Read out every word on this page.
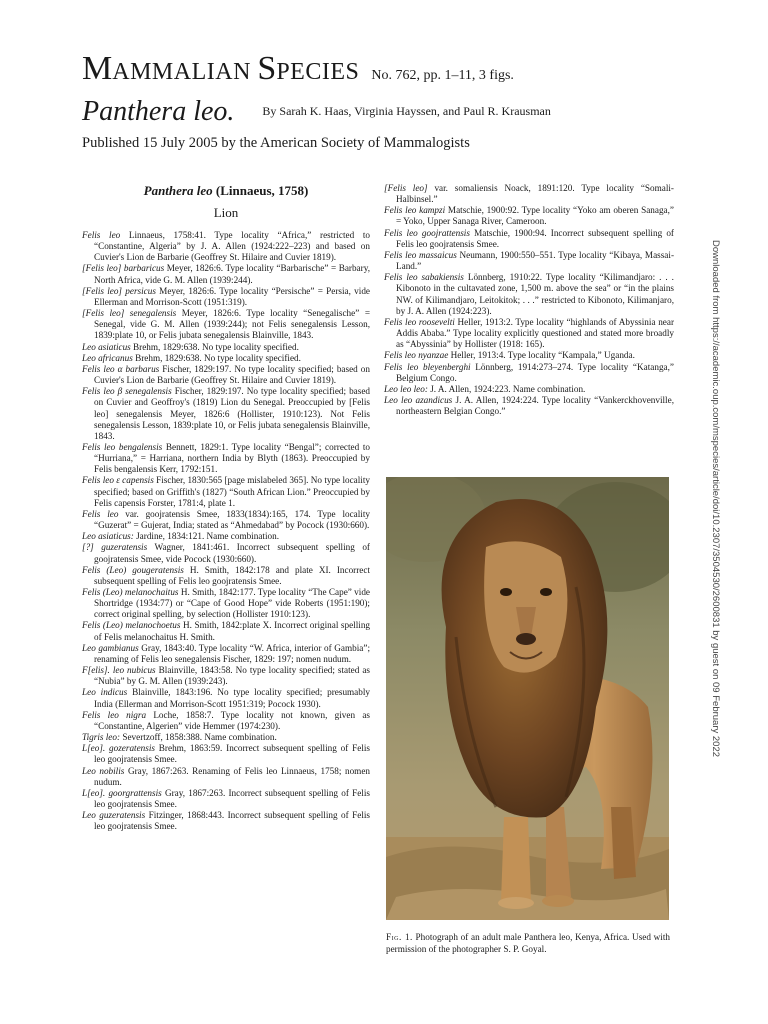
MAMMALIAN SPECIES No. 762, pp. 1–11, 3 figs.
Panthera leo. $^{By Sarah K. Haas, Virginia Hayssen, and Paul R. Krausman}$
Published 15 July 2005 by the American Society of Mammalogists
Panthera leo (Linnaeus, 1758)
Lion
Felis leo Linnaeus, 1758:41. Type locality “Africa,” restricted to “Constantine, Algeria” by J. A. Allen (1924:222–223) and based on Cuvier's Lion de Barbarie (Geoffrey St. Hilaire and Cuvier 1819).
[Felis leo] barbaricus Meyer, 1826:6. Type locality “Barbarische” = Barbary, North Africa, vide G. M. Allen (1939:244).
[Felis leo] persicus Meyer, 1826:6. Type locality “Persische” = Persia, vide Ellerman and Morrison-Scott (1951:319).
[Felis leo] senegalensis Meyer, 1826:6. Type locality “Senegalische” = Senegal, vide G. M. Allen (1939:244); not Felis senegalensis Lesson, 1839:plate 10, or Felis jubata senegalensis Blainville, 1843.
Leo asiaticus Brehm, 1829:638. No type locality specified.
Leo africanus Brehm, 1829:638. No type locality specified.
Felis leo α barbarus Fischer, 1829:197. No type locality specified; based on Cuvier's Lion de Barbarie (Geoffrey St. Hilaire and Cuvier 1819).
Felis leo β senegalensis Fischer, 1829:197. No type locality specified; based on Cuvier and Geoffroy's (1819) Lion du Senegal. Preoccupied by [Felis leo] senegalensis Meyer, 1826:6 (Hollister, 1910:123). Not Felis senegalensis Lesson, 1839:plate 10, or Felis jubata senegalensis Blainville, 1843.
Felis leo bengalensis Bennett, 1829:1. Type locality “Bengal”; corrected to “Hurriana,” = Harriana, northern India by Blyth (1863). Preoccupied by Felis bengalensis Kerr, 1792:151.
Felis leo ε capensis Fischer, 1830:565 [page mislabeled 365]. No type locality specified; based on Griffith's (1827) “South African Lion.” Preoccupied by Felis capensis Forster, 1781:4, plate 1.
Felis leo var. goojratensis Smee, 1833(1834):165, 174. Type locality “Guzerat” = Gujerat, India; stated as “Ahmedabad” by Pocock (1930:660).
Leo asiaticus: Jardine, 1834:121. Name combination.
[?] guzeratensis Wagner, 1841:461. Incorrect subsequent spelling of goojratensis Smee, vide Pocock (1930:660).
Felis (Leo) gougeratensis H. Smith, 1842:178 and plate XI. Incorrect subsequent spelling of Felis leo goojratensis Smee.
Felis (Leo) melanochaitus H. Smith, 1842:177. Type locality “The Cape” vide Shortridge (1934:77) or “Cape of Good Hope” vide Roberts (1951:190); correct original spelling, by selection (Hollister 1910:123).
Felis (Leo) melanochoetus H. Smith, 1842:plate X. Incorrect original spelling of Felis melanochaitus H. Smith.
Leo gambianus Gray, 1843:40. Type locality “W. Africa, interior of Gambia”; renaming of Felis leo senegalensis Fischer, 1829: 197; nomen nudum.
F[elis]. leo nubicus Blainville, 1843:58. No type locality specified; stated as “Nubia” by G. M. Allen (1939:243).
Leo indicus Blainville, 1843:196. No type locality specified; presumably India (Ellerman and Morrison-Scott 1951:319; Pocock 1930).
Felis leo nigra Loche, 1858:7. Type locality not known, given as “Constantine, Algerien” vide Hemmer (1974:230).
Tigris leo: Severtzoff, 1858:388. Name combination.
L[eo]. gozeratensis Brehm, 1863:59. Incorrect subsequent spelling of Felis leo goojratensis Smee.
Leo nobilis Gray, 1867:263. Renaming of Felis leo Linnaeus, 1758; nomen nudum.
L[eo]. goorgrattensis Gray, 1867:263. Incorrect subsequent spelling of Felis leo goojratensis Smee.
Leo guzeratensis Fitzinger, 1868:443. Incorrect subsequent spelling of Felis leo goojratensis Smee.
[Felis leo] var. somaliensis Noack, 1891:120. Type locality “Somali-Halbinsel.”
Felis leo kampzi Matschie, 1900:92. Type locality “Yoko am oberen Sanaga,” = Yoko, Upper Sanaga River, Cameroon.
Felis leo goojrattensis Matschie, 1900:94. Incorrect subsequent spelling of Felis leo goojratensis Smee.
Felis leo massaicus Neumann, 1900:550–551. Type locality “Kibaya, Massai-Land.”
Felis leo sabakiensis Lönnberg, 1910:22. Type locality “Kilimandjaro: . . . Kibonoto in the cultavated zone, 1,500 m. above the sea” or “in the plains NW. of Kilimandjaro, Leitokitok; . . .” restricted to Kibonoto, Kilimanjaro, by J. A. Allen (1924:223).
Felis leo roosevelti Heller, 1913:2. Type locality “highlands of Abyssinia near Addis Ababa.” Type locality explicitly questioned and stated more broadly as “Abyssinia” by Hollister (1918: 165).
Felis leo nyanzae Heller, 1913:4. Type locality “Kampala,” Uganda.
Felis leo bleyenberghi Lönnberg, 1914:273–274. Type locality “Katanga,” Belgium Congo.
Leo leo leo: J. A. Allen, 1924:223. Name combination.
Leo leo azandicus J. A. Allen, 1924:224. Type locality “Vankerckhovenville, northeastern Belgian Congo.”
Fig. 1. Photograph of an adult male Panthera leo, Kenya, Africa. Used with permission of the photographer S. P. Goyal.
Downloaded from https://academic.oup.com/mspecies/article/doi/10.2307/3504530/2600831 by guest on 09 February 2022
